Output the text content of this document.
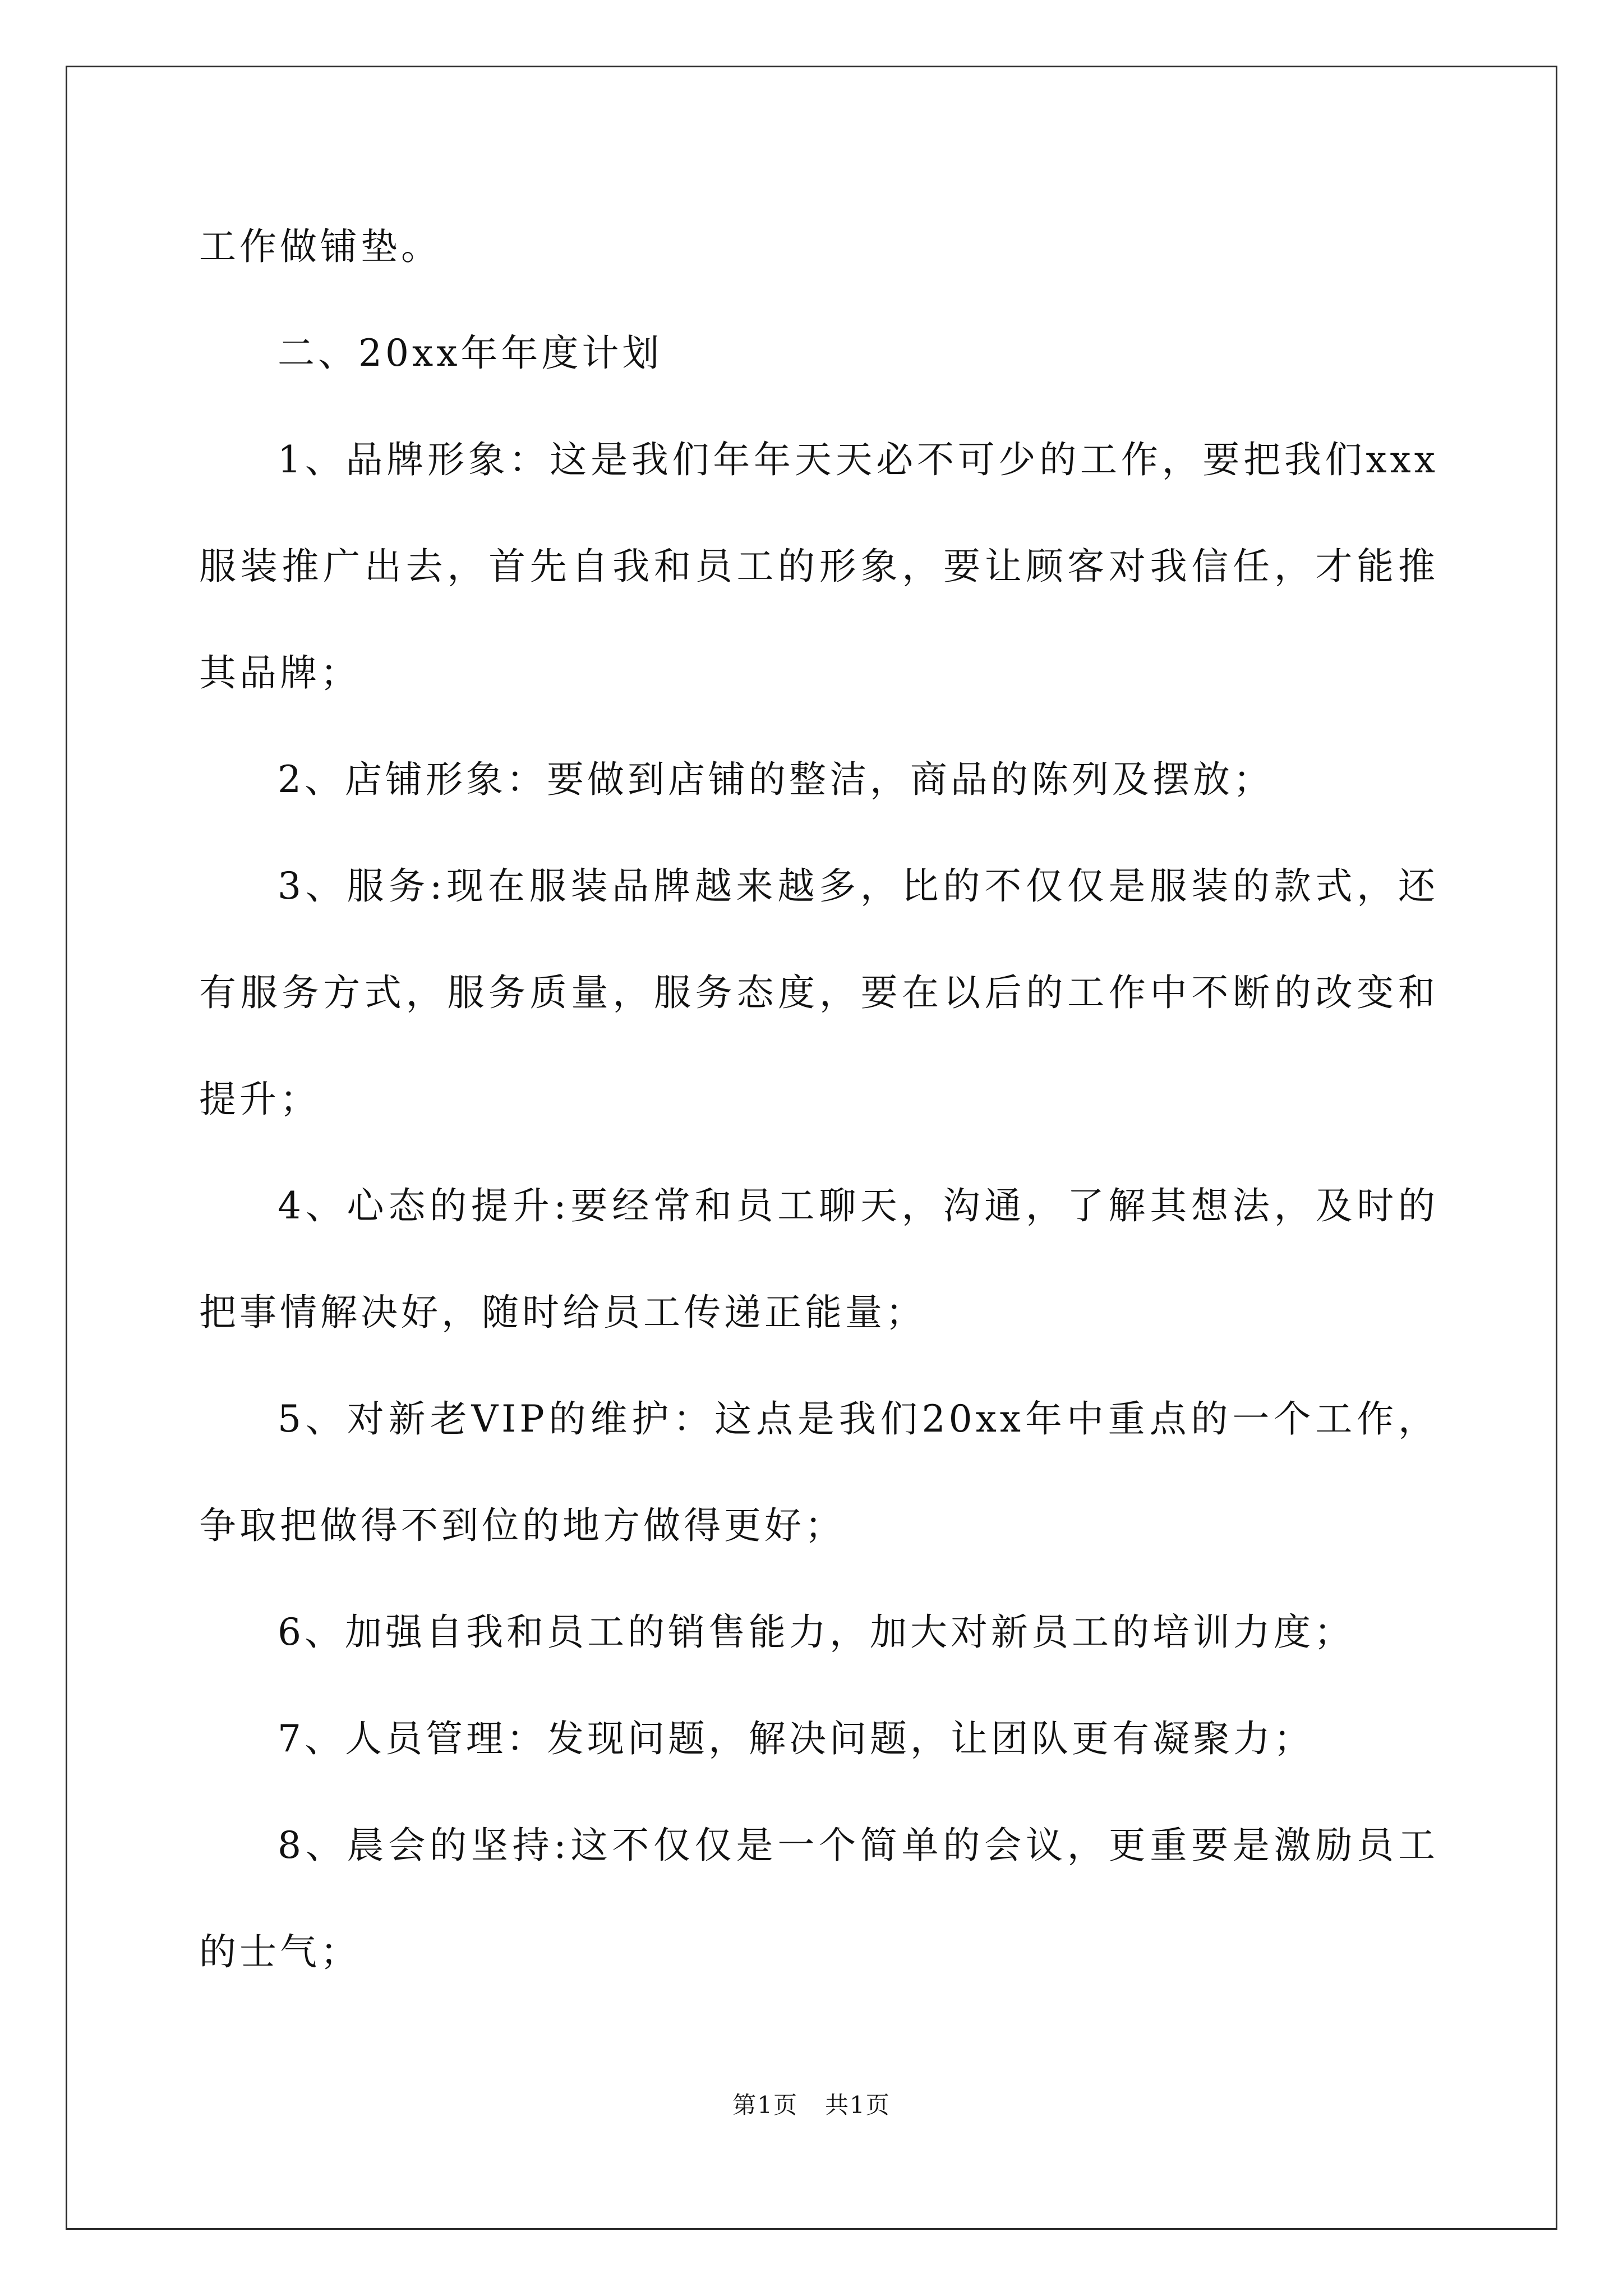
工作做铺垫。

二、20xx年年度计划

1、品牌形象：这是我们年年天天必不可少的工作，要把我们xxx服装推广出去，首先自我和员工的形象，要让顾客对我信任，才能推其品牌；

2、店铺形象：要做到店铺的整洁，商品的陈列及摆放；

3、服务:现在服装品牌越来越多，比的不仅仅是服装的款式，还有服务方式，服务质量，服务态度，要在以后的工作中不断的改变和提升；

4、心态的提升:要经常和员工聊天，沟通，了解其想法，及时的把事情解决好，随时给员工传递正能量；

5、对新老VIP的维护：这点是我们20xx年中重点的一个工作，争取把做得不到位的地方做得更好；

6、加强自我和员工的销售能力，加大对新员工的培训力度；

7、人员管理：发现问题，解决问题，让团队更有凝聚力；

8、晨会的坚持:这不仅仅是一个简单的会议，更重要是激励员工的士气；

第1页 共1页
